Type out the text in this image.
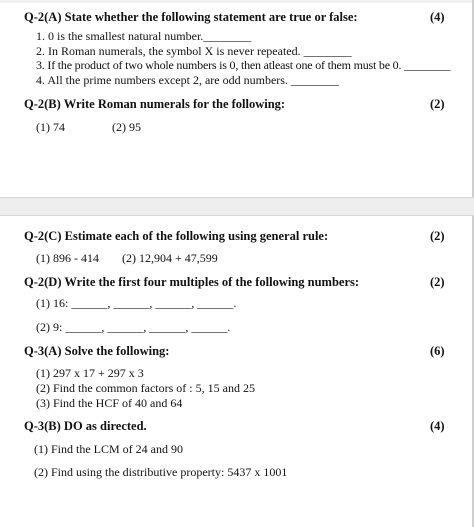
Q-2(A) State whether the following statement are true or false:	(4)
1. 0 is the smallest natural number.________
2. In Roman numerals, the symbol X is never repeated. ________
3. If the product of two whole numbers is 0, then atleast one of them must be 0. ________
4. All the prime numbers except 2, are odd numbers. ________
Q-2(B) Write Roman numerals for the following:	(2)
(1) 74	(2) 95
Q-2(C) Estimate each of the following using general rule:	(2)
(1) 896 - 414 (2) 12,904 + 47,599
Q-2(D) Write the first four multiples of the following numbers:	(2)
(1) 16: ______, ______, ______, ______.
(2) 9: ______, ______, ______, ______.
Q-3(A) Solve the following:	(6)
(1) 297 x 17 + 297 x 3
(2) Find the common factors of : 5, 15 and 25
(3) Find the HCF of 40 and 64
Q-3(B) DO as directed.	(4)
(1) Find the LCM of 24 and 90
(2) Find using the distributive property: 5437 x 1001
